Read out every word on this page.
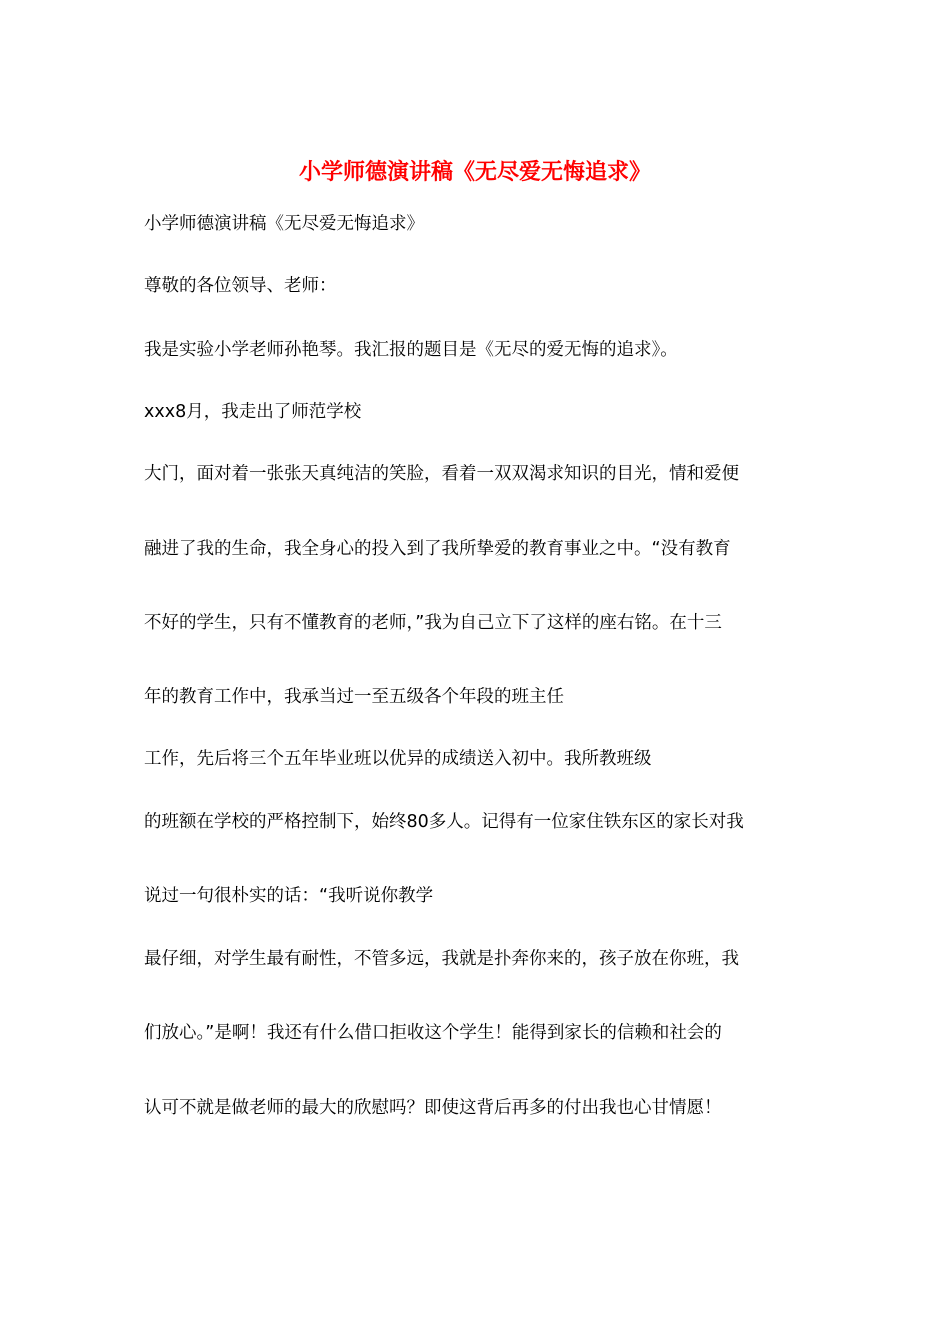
小学师德演讲稿《无尽爱无悔追求》
小学师德演讲稿《无尽爱无悔追求》
尊敬的各位领导、老师：
我是实验小学老师孙艳琴。我汇报的题目是《无尽的爱无悔的追求》。
xxx8月，我走出了师范学校
大门，面对着一张张天真纯洁的笑脸，看着一双双渴求知识的目光，情和爱便
融进了我的生命，我全身心的投入到了我所挚爱的教育事业之中。“没有教育
不好的学生，只有不懂教育的老师，”我为自己立下了这样的座右铭。在十三
年的教育工作中，我承当过一至五级各个年段的班主任
工作，先后将三个五年毕业班以优异的成绩送入初中。我所教班级
的班额在学校的严格控制下，始终80多人。记得有一位家住铁东区的家长对我
说过一句很朴实的话：“我听说你教学
最仔细，对学生最有耐性，不管多远，我就是扑奔你来的，孩子放在你班，我
们放心。”是啊！我还有什么借口拒收这个学生！能得到家长的信赖和社会的
认可不就是做老师的最大的欣慰吗？即使这背后再多的付出我也心甘情愿！
